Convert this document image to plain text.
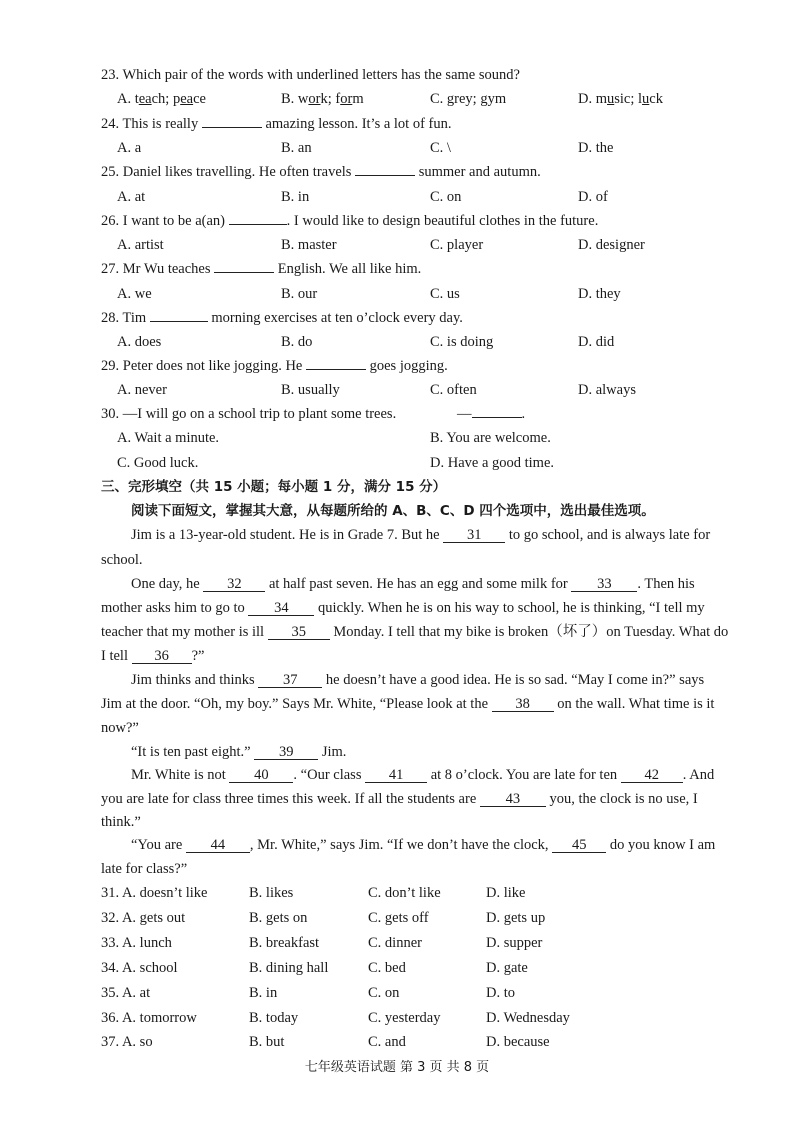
23. Which pair of the words with underlined letters has the same sound?
A. teach; peace	B. work; form	C. grey; gym	D. music; luck
24. This is really	amazing lesson. It’s a lot of fun.
A. a	B. an	C. \	D. the
25. Daniel likes travelling. He often travels	summer and autumn.
A. at	B. in	C. on	D. of
26. I want to be a(an)	. I would like to design beautiful clothes in the future.
A. artist	B. master	C. player	D. designer
27. Mr Wu teaches	English. We all like him.
A. we	B. our	C. us	D. they
28. Tim	morning exercises at ten o’clock every day.
A. does	B. do	C. is doing	D. did
29. Peter does not like jogging. He	goes jogging.
A. never	B. usually	C. often	D. always
30. —I will go on a school trip to plant some trees.	—	.
A. Wait a minute.	B. You are welcome.
C. Good luck.	D. Have a good time.
三、完形填空（共 15 小题；每小题 1 分，满分 15 分）
阅读下面短文，掌握其大意，从每题所给的 A、B、C、D 四个选项中，选出最佳选项。
Jim is a 13-year-old student. He is in Grade 7. But he 31 to go school, and is always late for
school.
One day, he 32 at half past seven. He has an egg and some milk for 33 . Then his
mother asks him to go to 34 quickly. When he is on his way to school, he is thinking, “I tell my
teacher that my mother is ill 35 Monday. I tell that my bike is broken（坏了）on Tuesday. What do
I tell 36 ?”
Jim thinks and thinks 37 he doesn’t have a good idea. He is so sad. “May I come in?” says
Jim at the door. “Oh, my boy.” Says Mr. White, “Please look at the 38 on the wall. What time is it
now?”
“It is ten past eight.” 39 Jim.
Mr. White is not 40 . “Our class 41 at 8 o’clock. You are late for ten 42 . And
you are late for class three times this week. If all the students are 43 you, the clock is no use, I
think.”
“You are 44 , Mr. White,” says Jim. “If we don’t have the clock, 45 do you know I am
late for class?”
31. A. doesn’t like	B. likes	C. don’t like	D. like
32. A. gets out	B. gets on	C. gets off	D. gets up
33. A. lunch	B. breakfast	C. dinner	D. supper
34. A. school	B. dining hall	C. bed	D. gate
35. A. at	B. in	C. on	D. to
36. A. tomorrow	B. today	C. yesterday	D. Wednesday
37. A. so	B. but	C. and	D. because
七年级英语试题 第 3 页 共 8 页
